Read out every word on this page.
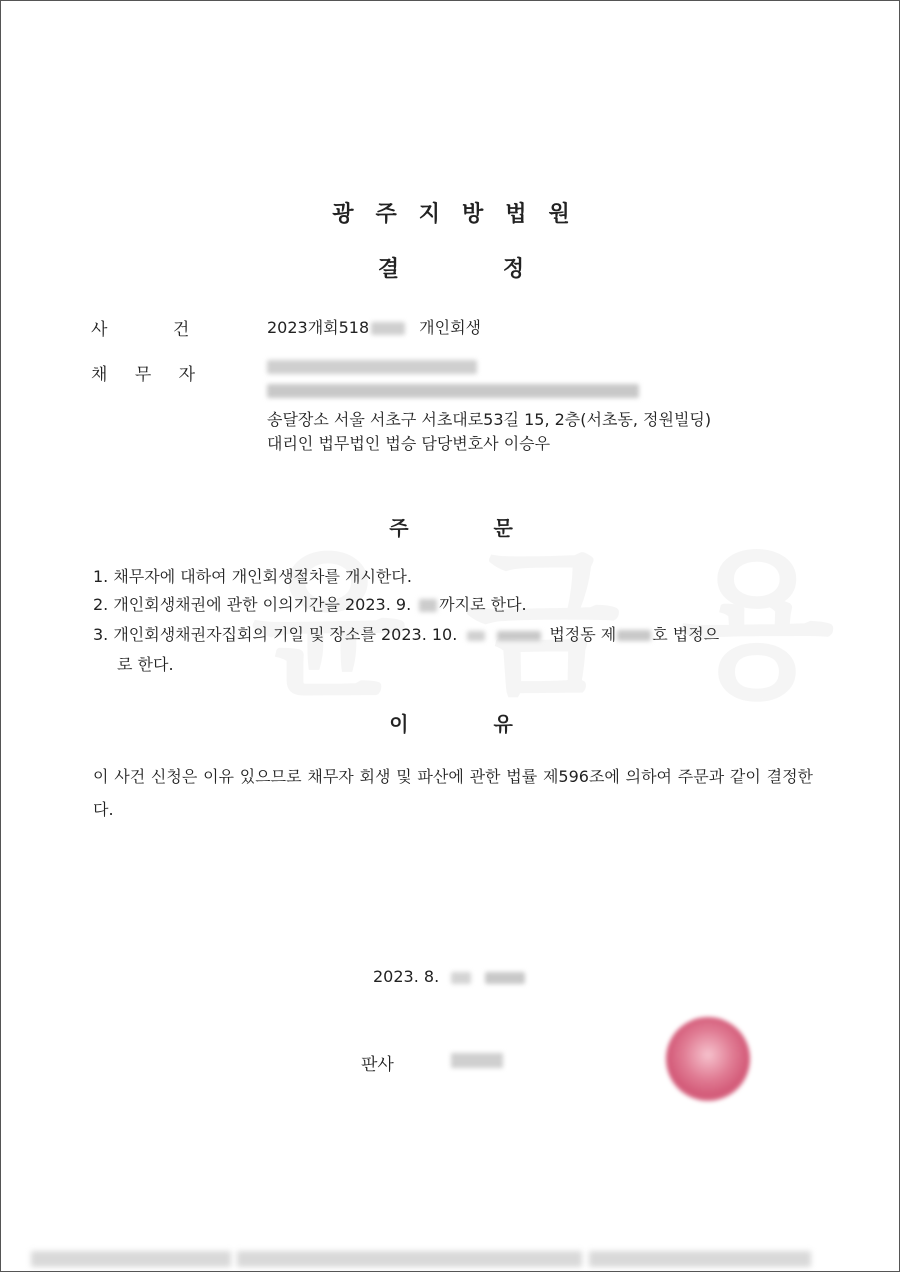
광주지방법원
결 정
사 건	2023개회518	개인회생
채 무 자
송달장소 서울 서초구 서초대로53길 15, 2층(서초동, 정원빌딩)
대리인 법무법인 법승 담당변호사 이승우
주 문

1. 채무자에 대하여 개인회생절차를 개시한다.

2. 개인회생채권에 관한 이의기간을 2023. 9. 까지로 한다.

3. 개인회생채권자집회의 기일 및 장소를 2023. 10.	법정동 제 호 법정으

로 한다.

이 유
이 사건 신청은 이유 있으므로 채무자 회생 및 파산에 관한 법률 제596조에 의하여 주문과 같이 결정한다.
2023. 8.
판사
